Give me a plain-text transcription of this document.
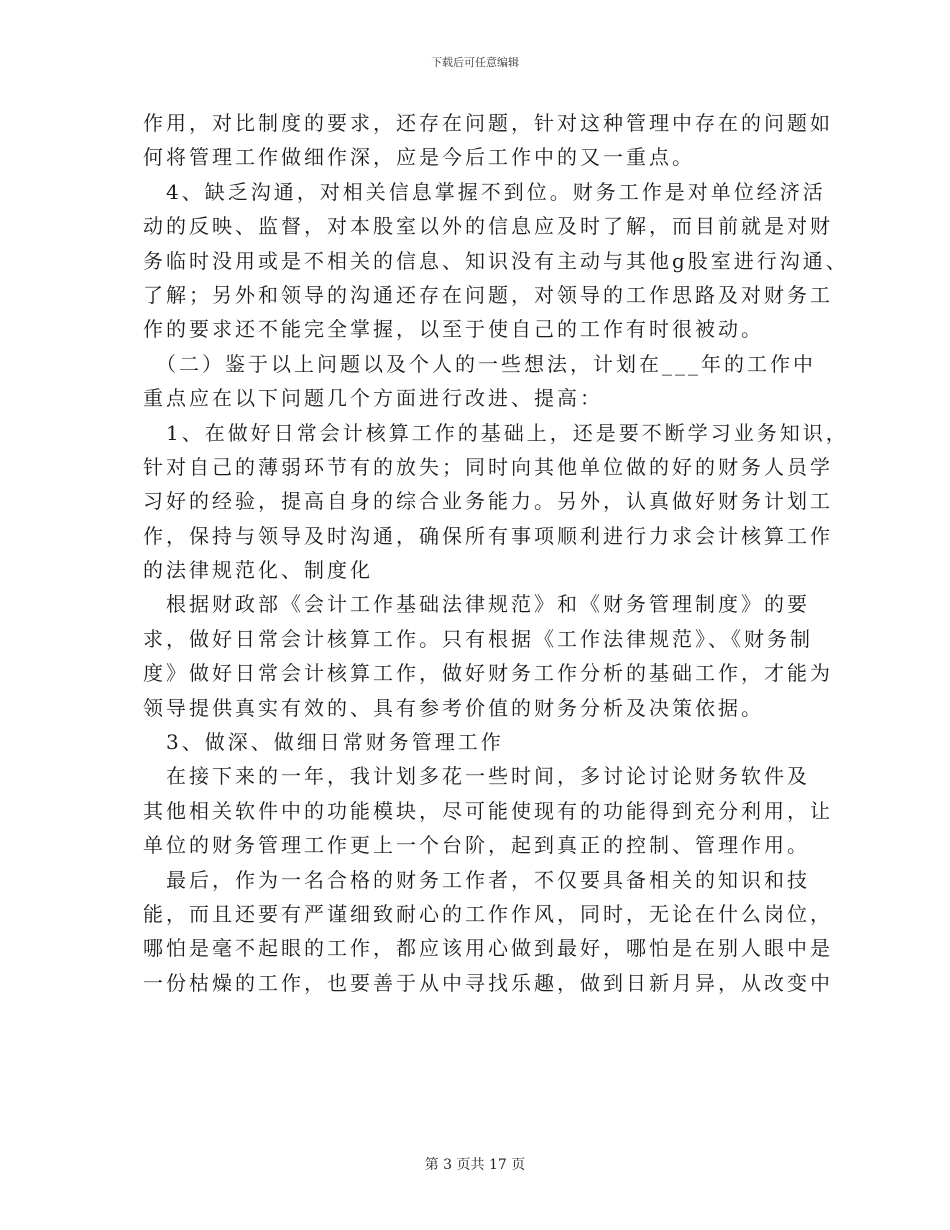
下载后可任意编辑
作用，对比制度的要求，还存在问题，针对这种管理中存在的问题如
何将管理工作做细作深，应是今后工作中的又一重点。
　4、缺乏沟通，对相关信息掌握不到位。财务工作是对单位经济活
动的反映、监督，对本股室以外的信息应及时了解，而目前就是对财
务临时没用或是不相关的信息、知识没有主动与其他g股室进行沟通、
了解；另外和领导的沟通还存在问题，对领导的工作思路及对财务工
作的要求还不能完全掌握，以至于使自己的工作有时很被动。
　（二）鉴于以上问题以及个人的一些想法，计划在___年的工作中
重点应在以下问题几个方面进行改进、提高：
　1、在做好日常会计核算工作的基础上，还是要不断学习业务知识，
针对自己的薄弱环节有的放失；同时向其他单位做的好的财务人员学
习好的经验，提高自身的综合业务能力。另外，认真做好财务计划工
作，保持与领导及时沟通，确保所有事项顺利进行力求会计核算工作
的法律规范化、制度化
　根据财政部《会计工作基础法律规范》和《财务管理制度》的要
求，做好日常会计核算工作。只有根据《工作法律规范》、《财务制
度》做好日常会计核算工作，做好财务工作分析的基础工作，才能为
领导提供真实有效的、具有参考价值的财务分析及决策依据。
　3、做深、做细日常财务管理工作
　在接下来的一年，我计划多花一些时间，多讨论讨论财务软件及
其他相关软件中的功能模块，尽可能使现有的功能得到充分利用，让
单位的财务管理工作更上一个台阶，起到真正的控制、管理作用。
　最后，作为一名合格的财务工作者，不仅要具备相关的知识和技
能，而且还要有严谨细致耐心的工作作风，同时，无论在什么岗位，
哪怕是毫不起眼的工作，都应该用心做到最好，哪怕是在别人眼中是
一份枯燥的工作，也要善于从中寻找乐趣，做到日新月异，从改变中
第 3 页共 17 页
